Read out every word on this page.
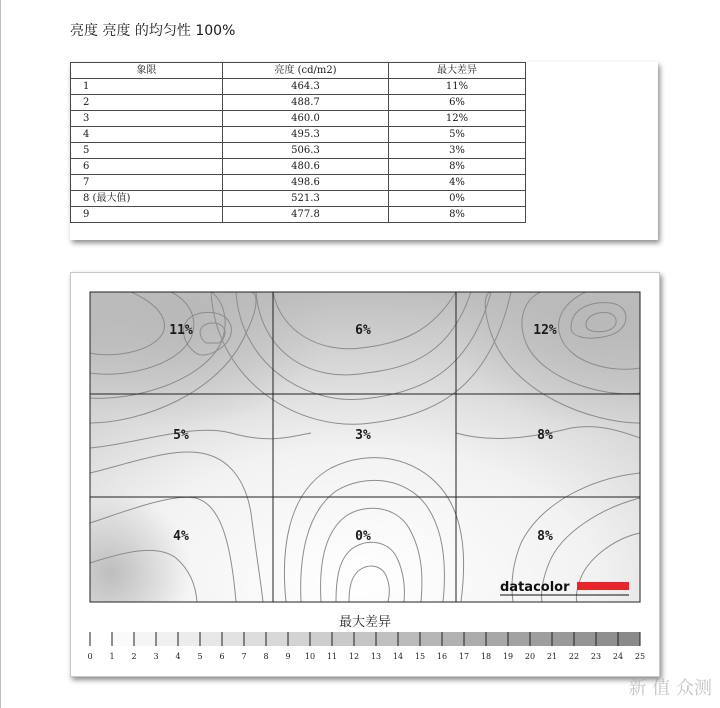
亮度 亮度 的均匀性 100%
象限	亮度 (cd/m2)	最大差异
1	464.3	11%
2	488.7	6%
3	460.0	12%
4	495.3	5%
5	506.3	3%
6	480.6	8%
7	498.6	4%
8 (最大值)	521.3	0%
9	477.8	8%
11%	6%	12%
5%	3%	8%
4%	0%	8%
datacolor
最大差异
0 1 2 3 4 5 6 7 8 9 10 11 12 13 14 15 16 17 18 19 20 21 22 23 24 25
新 值 众测
